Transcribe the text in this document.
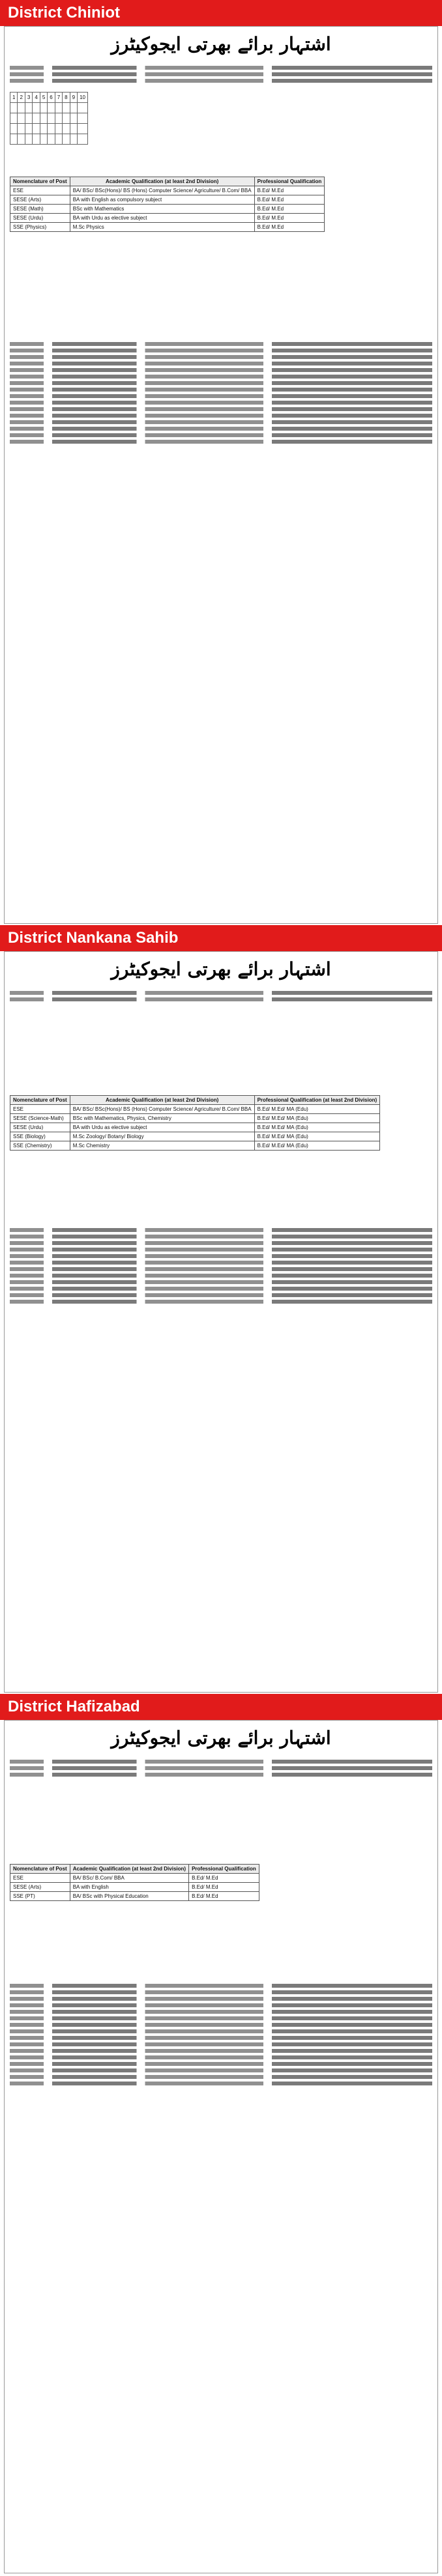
District Chiniot
اشتہار برائے بھرتی ایجوکیٹرز
1	2	3	4	5	6	7	8	9	10

Nomenclature of Post	Academic Qualification (at least 2nd Division)	Professional Qualification
ESE	BA/ BSc/ BSc(Hons)/ BS (Hons) Computer Science/ Agriculture/ B.Com/ BBA	B.Ed/ M.Ed
SESE (Arts)	BA with English as compulsory subject	B.Ed/ M.Ed
SESE (Math)	BSc with Mathematics	B.Ed/ M.Ed
SESE (Urdu)	BA with Urdu as elective subject	B.Ed/ M.Ed
SSE (Physics)	M.Sc Physics	B.Ed/ M.Ed
District Nankana Sahib
اشتہار برائے بھرتی ایجوکیٹرز
Nomenclature of Post	Academic Qualification (at least 2nd Division)	Professional Qualification (at least 2nd Division)
ESE	BA/ BSc/ BSc(Hons)/ BS (Hons) Computer Science/ Agriculture/ B.Com/ BBA	B.Ed/ M.Ed/ MA (Edu)
SESE (Science-Math)	BSc with Mathematics, Physics, Chemistry	B.Ed/ M.Ed/ MA (Edu)
SESE (Urdu)	BA with Urdu as elective subject	B.Ed/ M.Ed/ MA (Edu)
SSE (Biology)	M.Sc Zoology/ Botany/ Biology	B.Ed/ M.Ed/ MA (Edu)
SSE (Chemistry)	M.Sc Chemistry	B.Ed/ M.Ed/ MA (Edu)
District Hafizabad
اشتہار برائے بھرتی ایجوکیٹرز
Nomenclature of Post	Academic Qualification (at least 2nd Division)	Professional Qualification
ESE	BA/ BSc/ B.Com/ BBA	B.Ed/ M.Ed
SESE (Arts)	BA with English	B.Ed/ M.Ed
SSE (PT)	BA/ BSc with Physical Education	B.Ed/ M.Ed
